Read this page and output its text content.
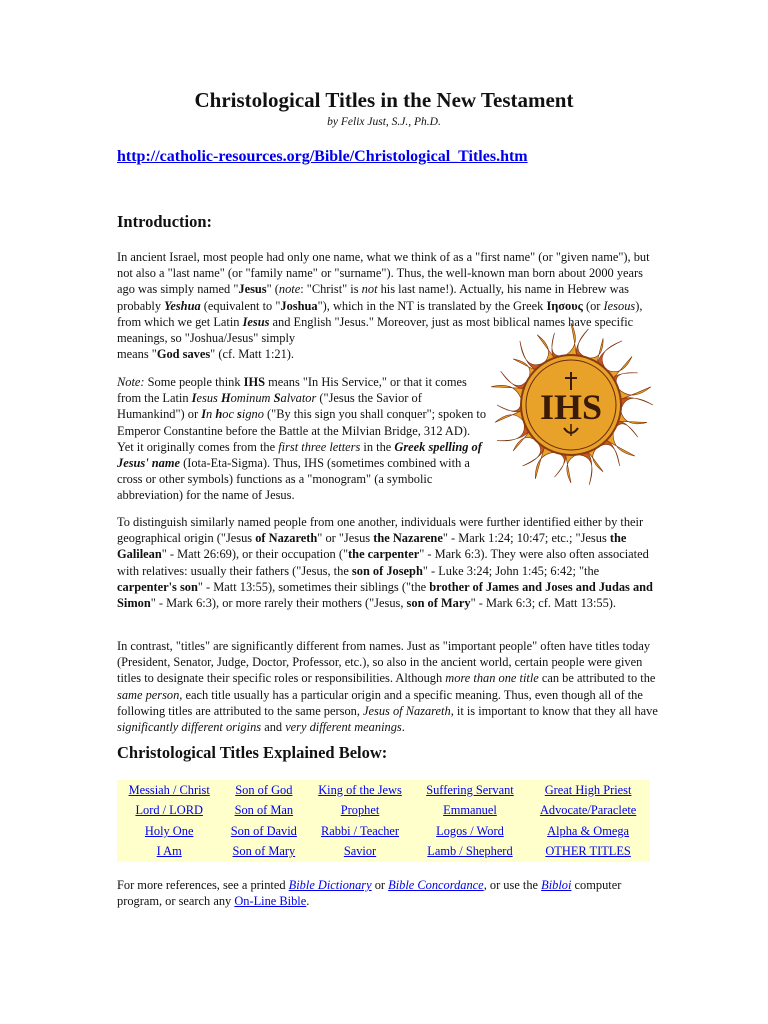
Christological Titles in the New Testament
by Felix Just, S.J., Ph.D.
http://catholic-resources.org/Bible/Christological_Titles.htm
Introduction:
In ancient Israel, most people had only one name, what we think of as a "first name" (or "given name"), but not also a "last name" (or "family name" or "surname"). Thus, the well-known man born about 2000 years ago was simply named "Jesus" (note: "Christ" is not his last name!). Actually, his name in Hebrew was probably Yeshua (equivalent to "Joshua"), which in the NT is translated by the Greek Ιησους (or Iesous), from which we get Latin Iesus and English "Jesus." Moreover, just as most biblical names have specific meanings, so "Joshua/Jesus" simply
means "God saves" (cf. Matt 1:21).
IHS
Note: Some people think IHS means "In His Service," or that it comes from the Latin Iesus Hominum Salvator ("Jesus the Savior of Humankind") or In hoc signo ("By this sign you shall conquer"; spoken to Emperor Constantine before the Battle at the Milvian Bridge, 312 AD). Yet it originally comes from the first three letters in the Greek spelling of Jesus' name (Iota-Eta-Sigma). Thus, IHS (sometimes combined with a cross or other symbols) functions as a "monogram" (a symbolic abbreviation) for the name of Jesus.
To distinguish similarly named people from one another, individuals were further identified either by their geographical origin ("Jesus of Nazareth" or "Jesus the Nazarene" - Mark 1:24; 10:47; etc.; "Jesus the Galilean" - Matt 26:69), or their occupation ("the carpenter" - Mark 6:3). They were also often associated with relatives: usually their fathers ("Jesus, the son of Joseph" - Luke 3:24; John 1:45; 6:42; "the carpenter's son" - Matt 13:55), sometimes their siblings ("the brother of James and Joses and Judas and Simon" - Mark 6:3), or more rarely their mothers ("Jesus, son of Mary" - Mark 6:3; cf. Matt 13:55).
In contrast, "titles" are significantly different from names. Just as "important people" often have titles today (President, Senator, Judge, Doctor, Professor, etc.), so also in the ancient world, certain people were given titles to designate their specific roles or responsibilities. Although more than one title can be attributed to the same person, each title usually has a particular origin and a specific meaning. Thus, even though all of the following titles are attributed to the same person, Jesus of Nazareth, it is important to know that they all have significantly different origins and very different meanings.
Christological Titles Explained Below:
Messiah / Christ	Son of God	King of the Jews	Suffering Servant	Great High Priest
Lord / LORD	Son of Man	Prophet	Emmanuel	Advocate/Paraclete
Holy One	Son of David	Rabbi / Teacher	Logos / Word	Alpha & Omega
I Am	Son of Mary	Savior	Lamb / Shepherd	OTHER TITLES
For more references, see a printed Bible Dictionary or Bible Concordance, or use the Bibloi computer program, or search any On-Line Bible.
